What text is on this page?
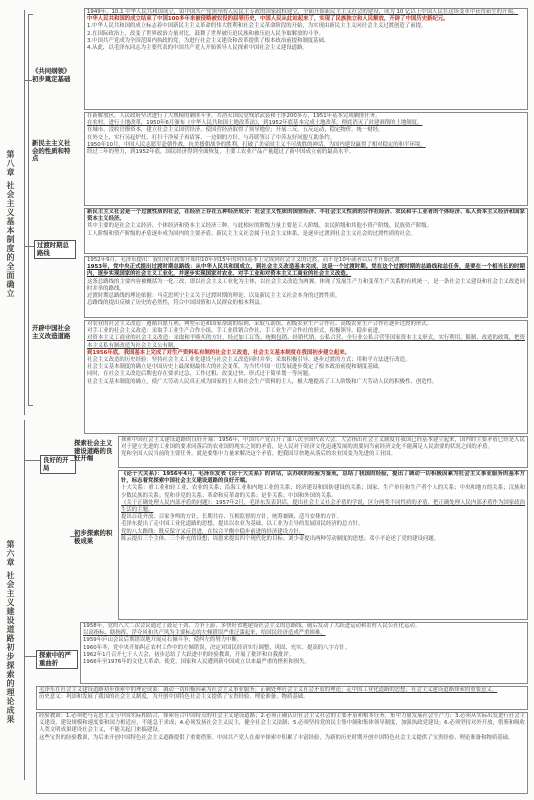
第八章 社会主义基本制度的全面确立
第六章 社会主义建设道路初步探索的理论成果
《共同纲领》初步奠定基础
新民主主义社会的性质和特点
过渡时期总路线
开辟中国社会主义改造道路
良好的开局
初步探索的积极成果
探索中的严重曲折
探索社会主义建设道路的良好开端

1949年，10.1 中华人民共和国成立，由中国共产党领导的人民民主专政的国家政权建立，全面开始新民主主义社会的建设，成为 10 亿以上中国人民在这场变革中获得新生的开端。

中华人民共和国的成立结束了中国100多年来被侵略被奴役的屈辱历史，中国人民从此站起来了，实现了民族独立和人民解放，开辟了中国历史新纪元。

1.中华人民共和国的成立标志着中国新民主主义革命的伟大胜利和社会主义革命阶段的开始，为实现由新民主主义向社会主义过渡创造了前提。

2.在国际政治上，改变了世界政治力量对比，鼓舞了世界被压迫民族和被压迫人民争取解放的斗争。

3.中国共产党成为全国范围内执政的党，为进行社会主义建设和改革提供了根本政治前提和制度基础。

4.从此，以毛泽东同志为主要代表的中国共产党人开始领导人民探索中国社会主义建设道路。

在新解放区，人民政府坚决进行了大规模的剿匪斗争，共消灭国民党残余武装和土匪200多万，1951年基本完成剿匪任务。

在农村，进行土地改革，1950年6月颁布《中华人民共和国土地改革法》，到1952年底基本完成土地改革，彻底消灭了封建剥削的土地制度。

在城市，没收官僚资本，建立社会主义国营经济，使国营经济取得了领导地位；开展三反、五反运动，稳定物价，统一财经。

在外交上，实行另起炉灶、打扫干净屋子再请客、一边倒的方针，与苏联签订了中苏友好同盟互助条约。

1950年10月，中国人民志愿军赴朝作战，抗美援朝战争的胜利，打破了美帝国主义不可战胜的神话，为国内建设赢得了相对稳定的和平环境。

经过三年的努力，到1952年底，国民经济得到全面恢复，主要工农业产品产量超过了新中国成立前的最高水平。

新民主主义社会是一个过渡性质的社会，在经济上存在五种经济成分：社会主义性质的国营经济、半社会主义性质的合作社经济、农民和手工业者的个体经济、私人资本主义经济和国家资本主义经济。

其中主要的是社会主义经济、个体经济和资本主义经济三种。与此相应的阶级力量主要是工人阶级、农民阶级和其他小资产阶级、民族资产阶级。

工人阶级和资产阶级的矛盾逐步成为国内的主要矛盾。新民主主义社会属于社会主义体系，是逐步过渡到社会主义社会的过渡性质的社会。

1952年9月，毛泽东提出：我们现在就要开始用10年到15年的时间基本上完成到社会主义的过渡，而不是10年或者以后才开始过渡。

1953年，党中央正式提出过渡时期总路线：从中华人民共和国成立，到社会主义改造基本完成，这是一个过渡时期。党在这个过渡时期的总路线和总任务，是要在一个相当长的时期内，逐步实现国家的社会主义工业化，并逐步实现国家对农业、对手工业和对资本主义工商业的社会主义改造。

这条总路线的主要内容被概括为一化三改，即以社会主义工业化为主体，以社会主义改造为两翼，体现了发展生产力和变革生产关系的有机统一，是一条社会主义建设和社会主义改造同时并举的路线。

过渡时期总路线的理论依据：马克思列宁主义关于过渡时期的理论，以及新民主主义社会本身的过渡性质。

总路线的提出反映了历史的必然性，符合中国国情和人民群众的根本利益。

对农业的社会主义改造：遵循自愿互利、典型示范和国家帮助的原则，采取互助组、初级农业生产合作社、高级农业生产合作社逐步过渡的形式。

对手工业的社会主义改造：采取手工业生产合作小组、手工业供销合作社、手工业生产合作社的形式，积极领导，稳步前进。

对资本主义工商业的社会主义改造：采取和平赎买的方针，经过加工订货、统购包销、经销代销、公私合营、全行业公私合营等国家资本主义形式，实行利用、限制、改造的政策，把资本主义私有制改造为社会主义公有制。

到1956年底，我国基本上完成了对生产资料私有制的社会主义改造，社会主义基本制度在我国初步建立起来。

社会主义改造的历史经验：坚持社会主义工业化建设与社会主义改造同时并举；采取积极引导、逐步过渡的方式；用和平方法进行改造。

社会主义基本制度的确立是中国历史上最深刻最伟大的社会变革，为当代中国一切发展进步奠定了根本政治前提和制度基础。

同时，在社会主义改造后期也存在要求过急、工作过粗、改变过快、形式过于简单划一等问题。

社会主义基本制度的确立，使广大劳动人民真正成为国家的主人和社会生产资料的主人，极大地提高了工人阶级和广大劳动人民的积极性、创造性。

探索中国社会主义建设道路的良好开端：1956年，中国共产党召开了第八次全国代表大会。大会指出社会主义制度在我国已经基本建立起来，国内的主要矛盾已经是人民对于建立先进的工业国的要求同落后的农业国的现实之间的矛盾，是人民对于经济文化迅速发展的需要同当前经济文化不能满足人民需要的状况之间的矛盾。

党和全国人民当前的主要任务，就是要集中力量来解决这个矛盾，把我国尽快地从落后的农业国变为先进的工业国。

《论十大关系》：1956年4月，毛泽东发表《论十大关系》的讲话，以苏联的经验为鉴戒，总结了我国的经验，提出了调动一切积极因素为社会主义事业服务的基本方针，标志着党探索中国社会主义建设道路的良好开端。

十大关系：重工业和轻工业、农业的关系；沿海工业和内地工业的关系；经济建设和国防建设的关系；国家、生产单位和生产者个人的关系；中央和地方的关系；汉族和少数民族的关系；党和非党的关系；革命和反革命的关系；是非关系；中国和外国的关系。

《关于正确处理人民内部矛盾的问题》：1957年2月，毛泽东发表讲话，提出社会主义社会矛盾的学说，区分两类不同性质的矛盾，把正确处理人民内部矛盾作为国家政治生活的主题。

提出百花齐放、百家争鸣的方针，长期共存、互相监督的方针，统筹兼顾、适当安排的方针。

毛泽东提出了走中国工业化道路的思想，提出以农业为基础、以工业为主导的发展国民经济的总方针。

党的八大路线：既反保守又反冒进，在综合平衡中稳步前进的经济建设方针。

陈云提出三个主体、三个补充的设想；周恩来提出四个现代化的目标；刘少奇提出两种劳动制度的思想；邓小平论述了党的建设问题。

1958年，党的八大二次会议通过了鼓足干劲、力争上游、多快好省地建设社会主义的总路线，随后发动了大跃进运动和农村人民公社化运动。

以高指标、瞎指挥、浮夸风和共产风为主要标志的左倾错误严重泛滥起来，给国民经济造成严重困难。

1959年庐山会议后期错误地开展反右倾斗争，使纠左的努力中断。

1960年冬，党中央开始纠正农村工作中的左倾错误，决定对国民经济实行调整、巩固、充实、提高的八字方针。

1962年1月召开七千人大会，初步总结了大跃进中的经验教训，开展了批评和自我批评。

1966年至1976年的文化大革命，使党、国家和人民遭到新中国成立以来最严重的挫折和损失。

毛泽东在社会主义建设道路初步探索中的理论成果：调动一切积极因素为社会主义事业服务；正确处理社会主义社会矛盾的理论；走中国工业化道路的思想；社会主义建设道路探索的重要意义。

历史意义：巩固和发展了我国的社会主义制度，为开创中国特色社会主义提供了宝贵经验、理论准备、物质基础。

经验教训：1.必须把马克思主义与中国实际相结合，探索符合中国特点的社会主义建设道路；2.必须正确认识社会主义社会的主要矛盾和根本任务，集中力量发展社会生产力；3.必须从实际出发进行社会主义建设，建设规模和速度要和国力相适应，不能急于求成；4.必须发扬社会主义民主，健全社会主义法制；5.必须坚持党的民主集中制和集体领导制度，加强执政党建设；6.必须坚持对外开放，借鉴和吸收人类文明成果建设社会主义，不能关起门来搞建设。

这些宝贵的经验教训，为后来开创中国特色社会主义道路提供了重要借鉴。中国共产党人在艰辛探索中积累了丰富经验，为新的历史时期开创中国特色社会主义提供了宝贵经验、理论准备和物质基础。
